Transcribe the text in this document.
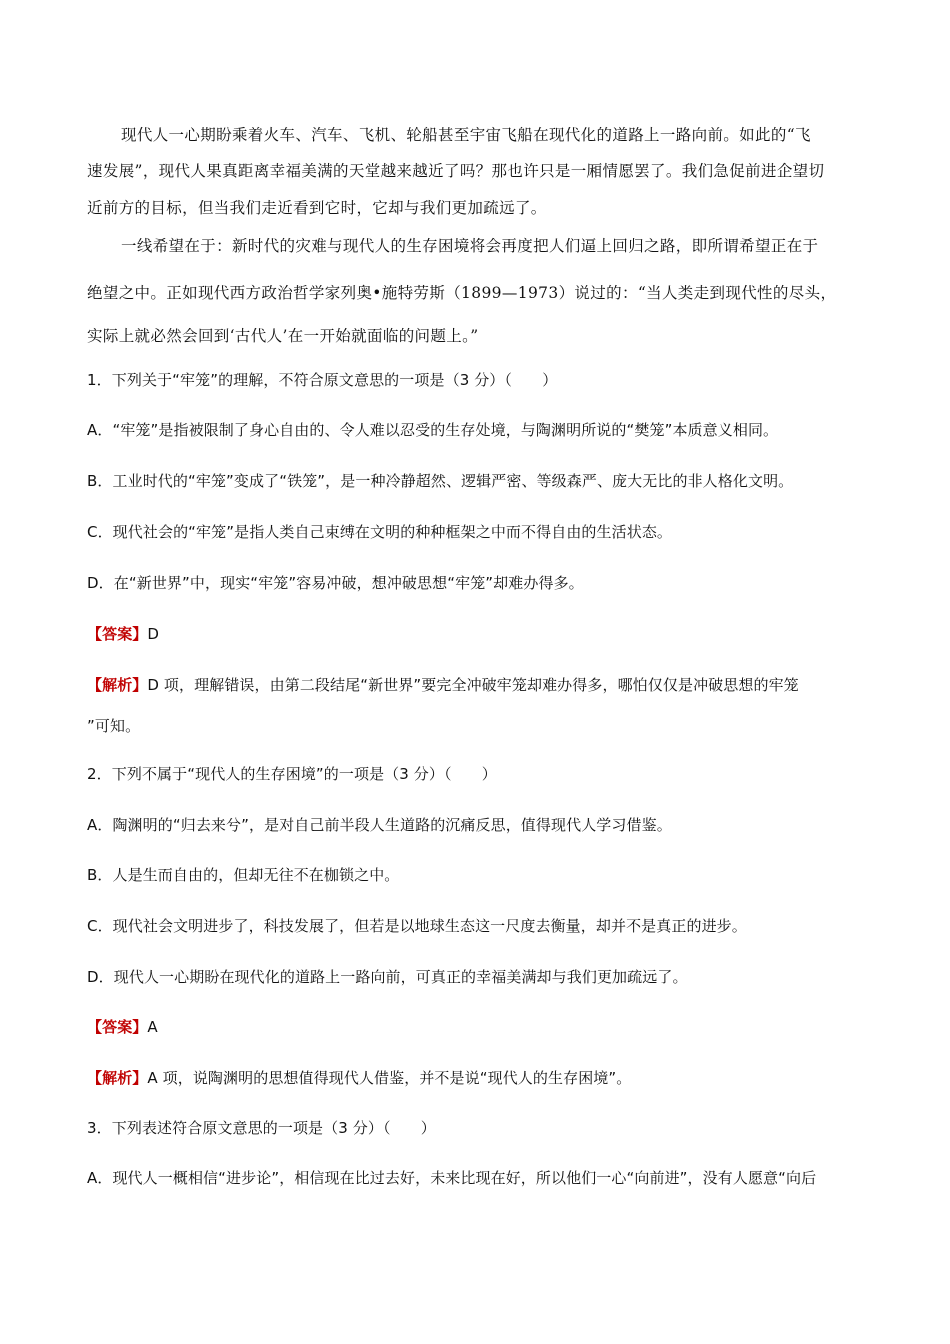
现代人一心期盼乘着火车、汽车、飞机、轮船甚至宇宙飞船在现代化的道路上一路向前。如此的“飞
速发展”，现代人果真距离幸福美满的天堂越来越近了吗？那也许只是一厢情愿罢了。我们急促前进企望切
近前方的目标，但当我们走近看到它时，它却与我们更加疏远了。
一线希望在于：新时代的灾难与现代人的生存困境将会再度把人们逼上回归之路，即所谓希望正在于
绝望之中。正如现代西方政治哲学家列奥•施特劳斯（1899—1973）说过的：“当人类走到现代性的尽头，
实际上就必然会回到‘古代人’在一开始就面临的问题上。”
1．下列关于“牢笼”的理解，不符合原文意思的一项是（3 分）（　　）
A．“牢笼”是指被限制了身心自由的、令人难以忍受的生存处境，与陶渊明所说的“樊笼”本质意义相同。
B．工业时代的“牢笼”变成了“铁笼”，是一种冷静超然、逻辑严密、等级森严、庞大无比的非人格化文明。
C．现代社会的“牢笼”是指人类自己束缚在文明的种种框架之中而不得自由的生活状态。
D．在“新世界”中，现实“牢笼”容易冲破，想冲破思想“牢笼”却难办得多。
【答案】D
【解析】D 项，理解错误，由第二段结尾“新世界”要完全冲破牢笼却难办得多，哪怕仅仅是冲破思想的牢笼
”可知。
2．下列不属于“现代人的生存困境”的一项是（3 分）（　　）
A．陶渊明的“归去来兮”，是对自己前半段人生道路的沉痛反思，值得现代人学习借鉴。
B．人是生而自由的，但却无往不在枷锁之中。
C．现代社会文明进步了，科技发展了，但若是以地球生态这一尺度去衡量，却并不是真正的进步。
D．现代人一心期盼在现代化的道路上一路向前，可真正的幸福美满却与我们更加疏远了。
【答案】A
【解析】A 项，说陶渊明的思想值得现代人借鉴，并不是说“现代人的生存困境”。
3．下列表述符合原文意思的一项是（3 分）（　　）
A．现代人一概相信“进步论”，相信现在比过去好，未来比现在好，所以他们一心“向前进”，没有人愿意“向后
